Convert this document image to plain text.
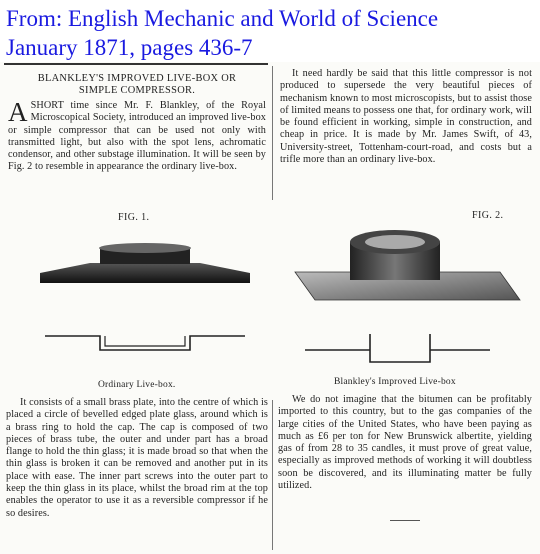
From: English Mechanic and World of Science
January 1871, pages 436-7
BLANKLEY'S IMPROVED LIVE-BOX OR
SIMPLE COMPRESSOR.
A SHORT time since Mr. F. Blankley, of the Royal Microscopical Society, introduced an improved live-box or simple compressor that can be used not only with transmitted light, but also with the spot lens, achromatic condensor, and other substage illumination. It will be seen by Fig. 2 to resemble in appearance the ordinary live-box.
It need hardly be said that this little compressor is not produced to supersede the very beautiful pieces of mechanism known to most microscopists, but to assist those of limited means to possess one that, for ordinary work, will be found efficient in working, simple in construction, and cheap in price. It is made by Mr. James Swift, of 43, University-street, Tottenham-court-road, and costs but a trifle more than an ordinary live-box.
FIG. 1.	FIG. 2.
Ordinary Live-box.	Blankley's Improved Live-box
It consists of a small brass plate, into the centre of which is placed a circle of bevelled edged plate glass, around which is a brass ring to hold the cap. The cap is composed of two pieces of brass tube, the outer and under part has a broad flange to hold the thin glass; it is made broad so that when the thin glass is broken it can be removed and another put in its place with ease. The inner part screws into the outer part to keep the thin glass in its place, whilst the broad rim at the top enables the operator to use it as a reversible compressor if he so desires.
We do not imagine that the bitumen can be profitably imported to this country, but to the gas companies of the large cities of the United States, who have been paying as much as £6 per ton for New Brunswick albertite, yielding gas of from 28 to 35 candles, it must prove of great value, especially as improved methods of working it will doubtless soon be discovered, and its illuminating matter be fully utilized.
